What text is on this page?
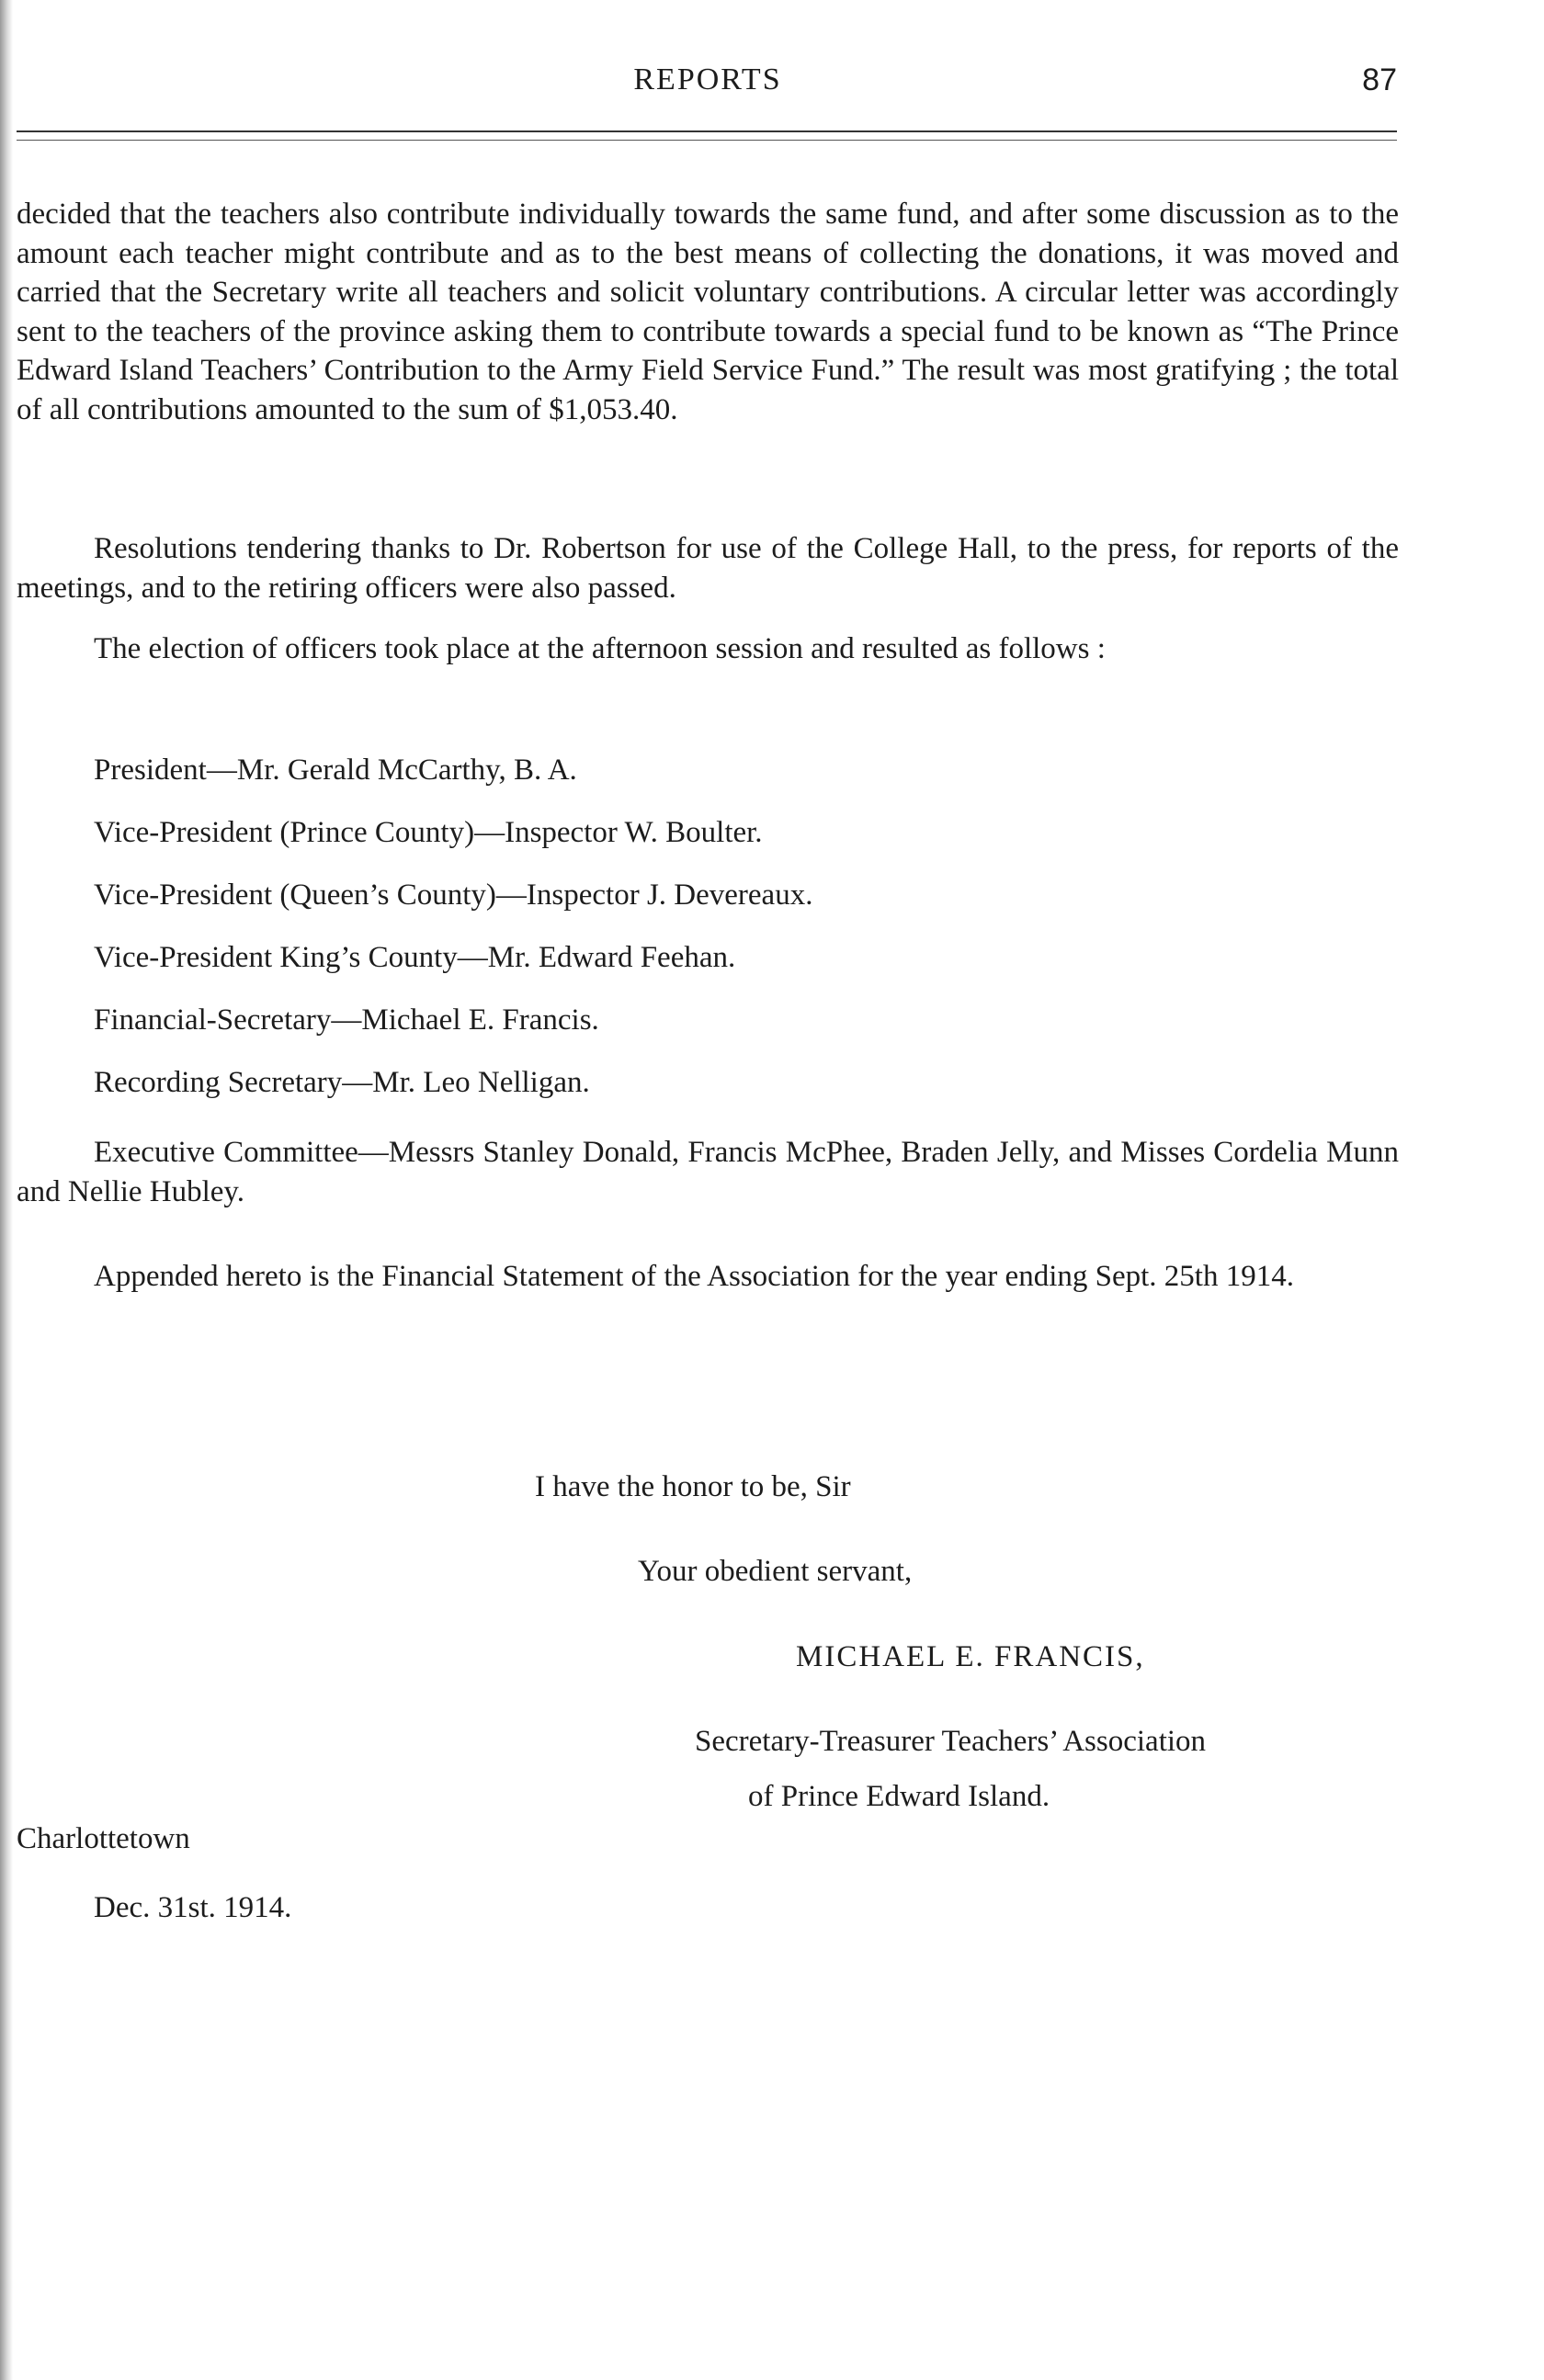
REPORTS	87

decided that the teachers also contribute individually towards the same fund, and after some discussion as to the amount each teacher might contribute and as to the best means of collecting the donations, it was moved and carried that the Secretary write all teachers and solicit voluntary contributions. A circular letter was accordingly sent to the teachers of the province asking them to contribute towards a special fund to be known as “The Prince Edward Island Teachers’ Contribution to the Army Field Service Fund.” The result was most gratifying ; the total of all contributions amounted to the sum of $1,053.40.

Resolutions tendering thanks to Dr. Robertson for use of the College Hall, to the press, for reports of the meetings, and to the retiring officers were also passed.

The election of officers took place at the afternoon session and resulted as follows :

President—Mr. Gerald McCarthy, B. A.
Vice-President (Prince County)—Inspector W. Boulter.
Vice-President (Queen’s County)—Inspector J. Devereaux.
Vice-President King’s County—Mr. Edward Feehan.
Financial-Secretary—Michael E. Francis.
Recording Secretary—Mr. Leo Nelligan.

Executive Committee—Messrs Stanley Donald, Francis McPhee, Braden Jelly, and Misses Cordelia Munn and Nellie Hubley.

Appended hereto is the Financial Statement of the Association for the year ending Sept. 25th 1914.

I have the honor to be, Sir
Your obedient servant,
MICHAEL E. FRANCIS,
Secretary-Treasurer Teachers’ Association
of Prince Edward Island.
Charlottetown
Dec. 31st. 1914.
